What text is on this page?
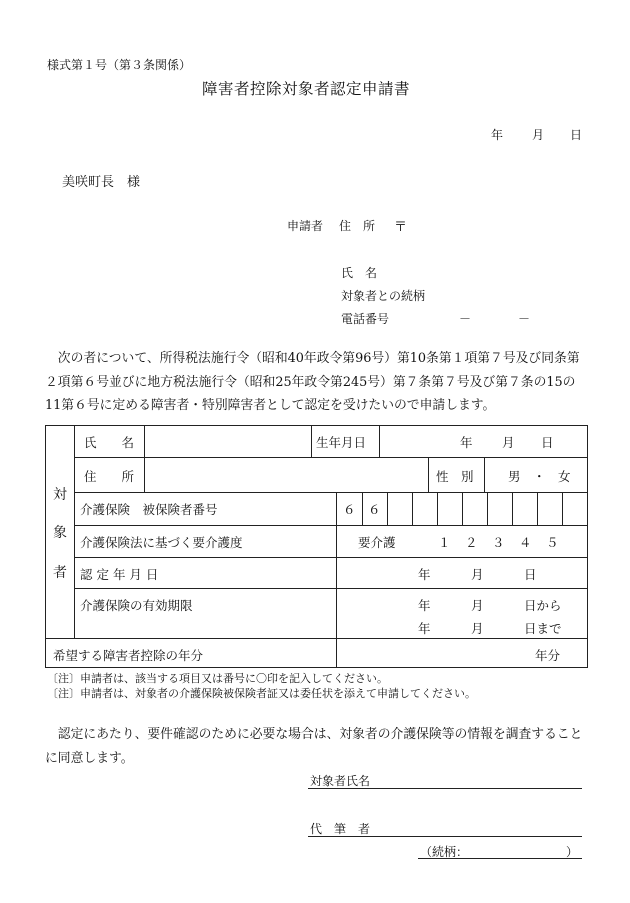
様式第１号（第３条関係）
障害者控除対象者認定申請書
年 月 日
美咲町長　様
申請者 住　所 〒
氏　名
対象者との続柄
電話番号	－	－
次の者について、所得税法施行令（昭和40年政令第96号）第10条第１項第７号及び同条第２項第６号並びに地方税法施行令（昭和25年政令第245号）第７条第７号及び第７条の15の11第６号に定める障害者・特別障害者として認定を受けたいので申請します。
対
象
者
氏　　名	生年月日	年 月 日
住　　所	性　別	男　・　女
介護保険　被保険者番号	６ ６
介護保険法に基づく要介護度	要介護	１ ２ ３ ４ ５
認 定 年 月 日	年	月	日
介護保険の有効期限	年	月	日から
年	月	日まで
希望する障害者控除の年分	年分
〔注〕申請者は、該当する項目又は番号に〇印を記入してください。
〔注〕申請者は、対象者の介護保険被保険者証又は委任状を添えて申請してください。
認定にあたり、要件確認のために必要な場合は、対象者の介護保険等の情報を調査することに同意します。
対象者氏名
代　筆　者
（続柄：	）
